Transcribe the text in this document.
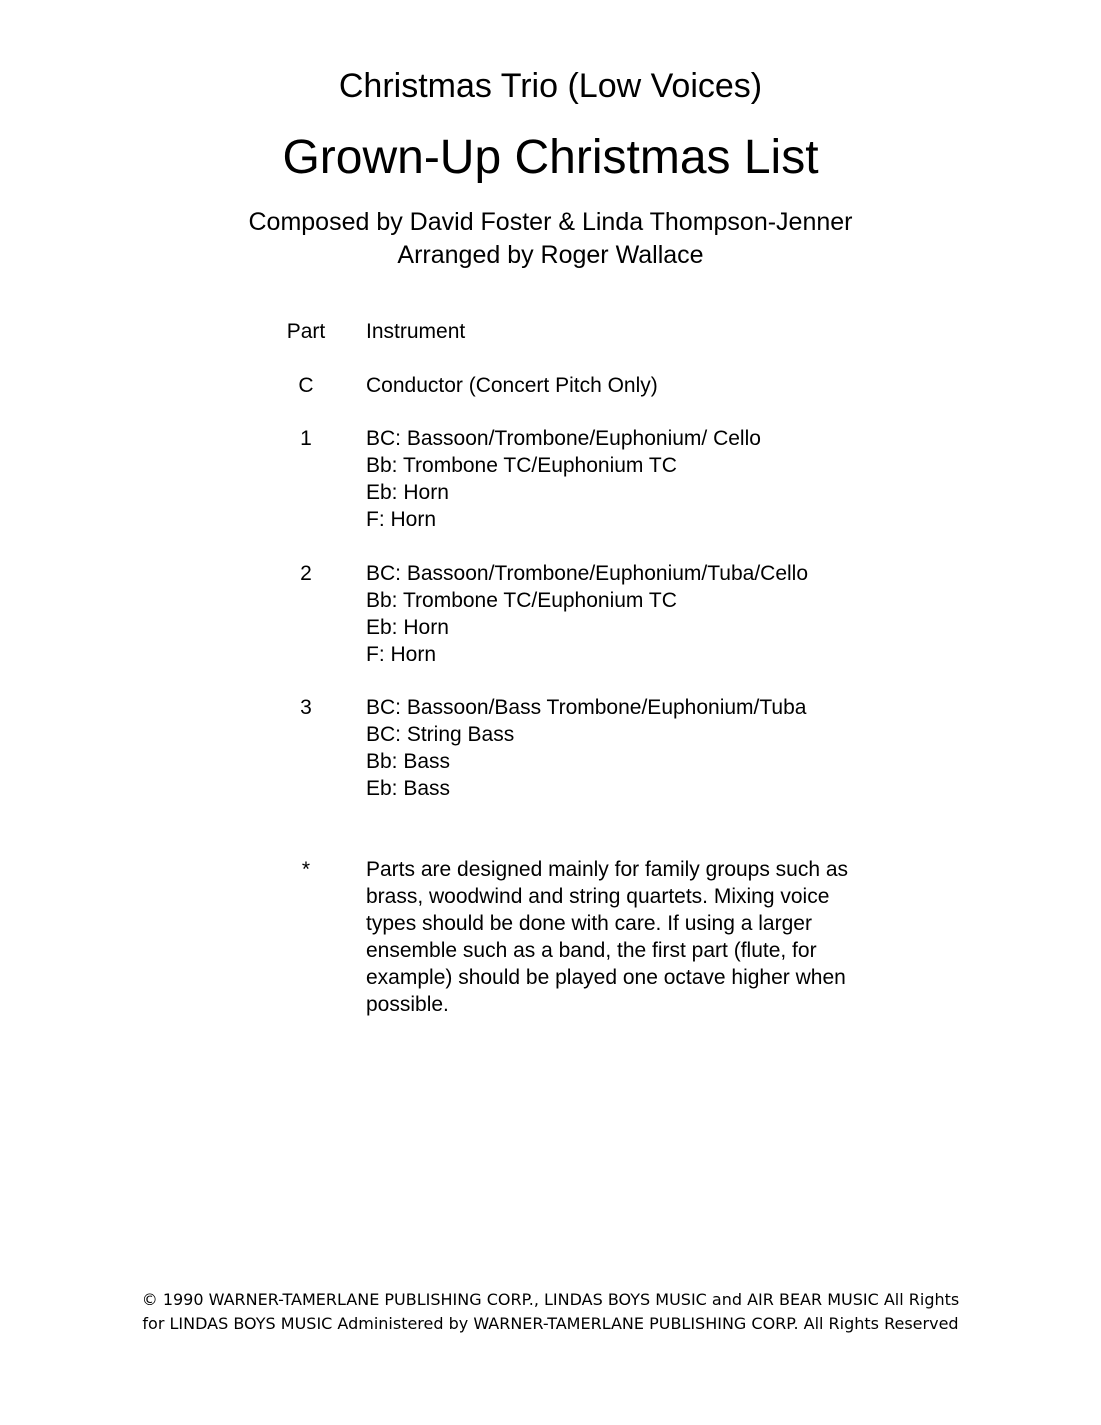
Christmas Trio (Low Voices)
Grown-Up Christmas List
Composed by David Foster & Linda Thompson-Jenner
Arranged by Roger Wallace
Part	Instrument
C	Conductor (Concert Pitch Only)
1	BC: Bassoon/Trombone/Euphonium/ Cello
Bb: Trombone TC/Euphonium TC
Eb: Horn
F: Horn
2	BC: Bassoon/Trombone/Euphonium/Tuba/Cello
Bb: Trombone TC/Euphonium TC
Eb: Horn
F: Horn
3	BC: Bassoon/Bass Trombone/Euphonium/Tuba
BC: String Bass
Bb: Bass
Eb: Bass
*	Parts are designed mainly for family groups such as
brass, woodwind and string quartets. Mixing voice
types should be done with care. If using a larger
ensemble such as a band, the first part (flute, for
example) should be played one octave higher when
possible.
© 1990 WARNER-TAMERLANE PUBLISHING CORP., LINDAS BOYS MUSIC and AIR BEAR MUSIC All Rights
for LINDAS BOYS MUSIC Administered by WARNER-TAMERLANE PUBLISHING CORP. All Rights Reserved
